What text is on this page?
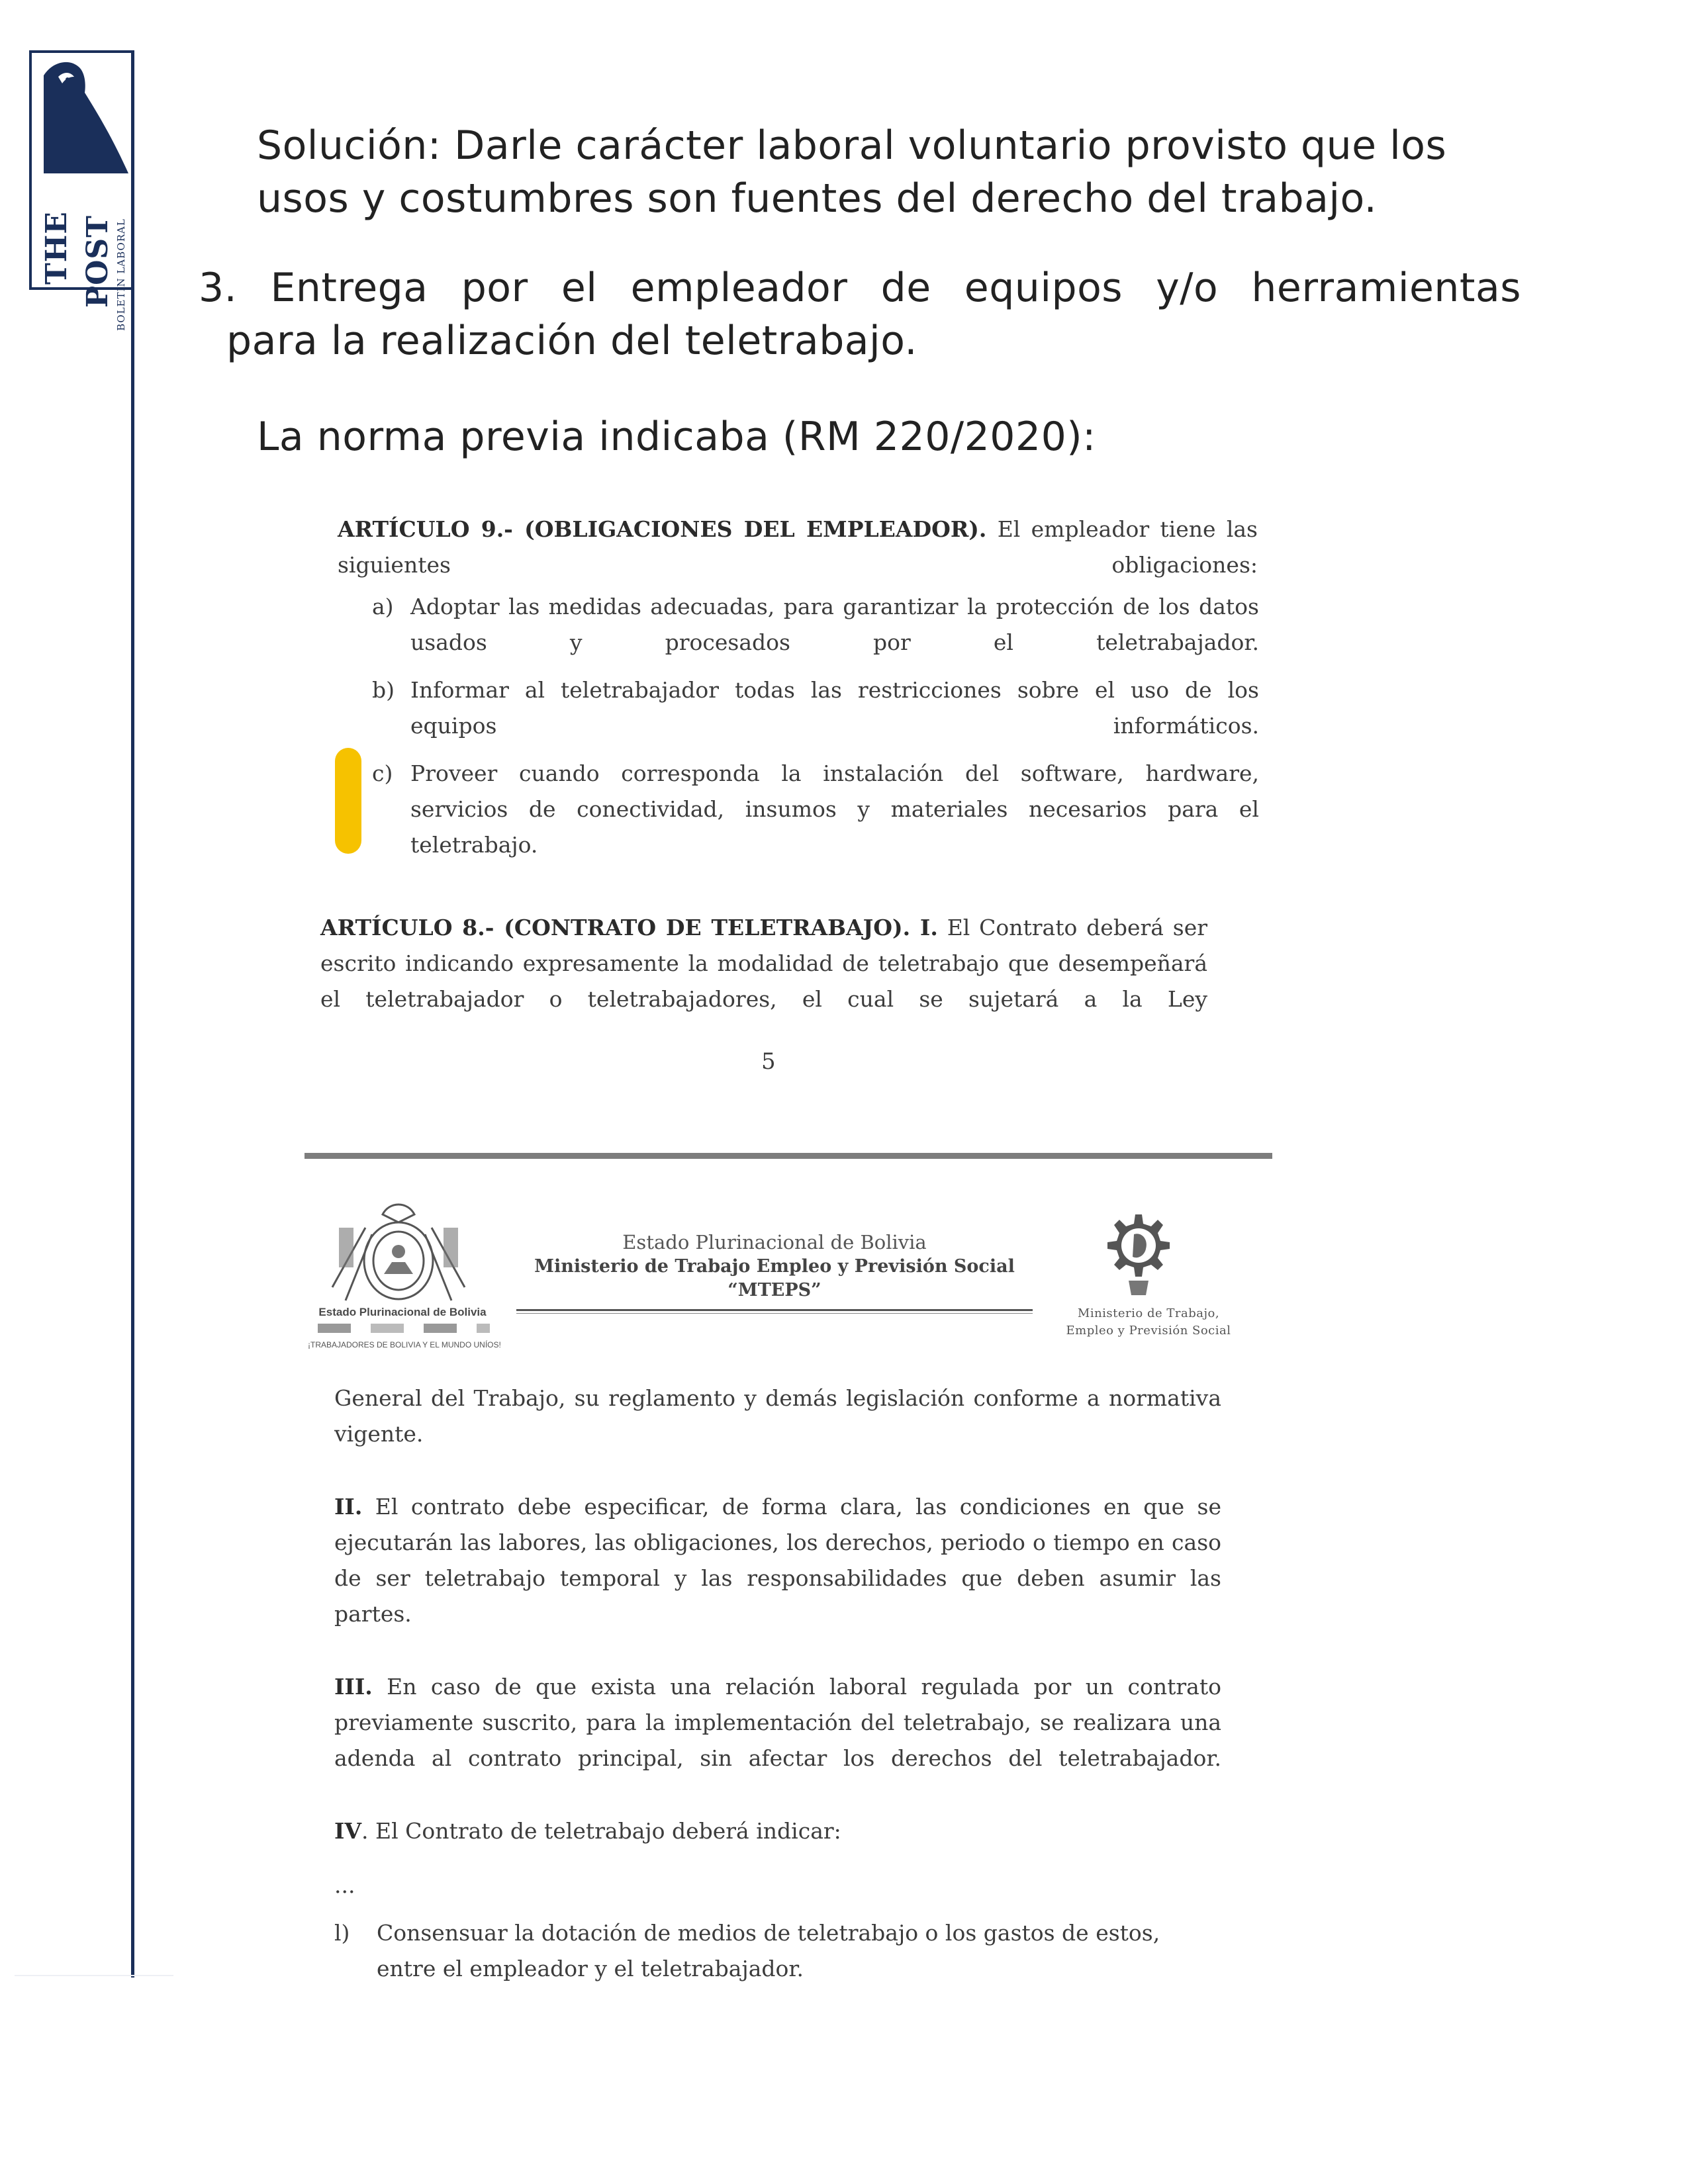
THE POST BOLETÍN LABORAL
Solución: Darle carácter laboral voluntario provisto que los usos y costumbres son fuentes del derecho del trabajo.
3. Entrega por el empleador de equipos y/o herramientas
para la realización del teletrabajo.
La norma previa indicaba (RM 220/2020):
ARTÍCULO 9.- (OBLIGACIONES DEL EMPLEADOR). El empleador tiene las siguientes obligaciones:
a) Adoptar las medidas adecuadas, para garantizar la protección de los datos usados y procesados por el teletrabajador.
b) Informar al teletrabajador todas las restricciones sobre el uso de los equipos informáticos.
c) Proveer cuando corresponda la instalación del software, hardware, servicios de conectividad, insumos y materiales necesarios para el teletrabajo.
ARTÍCULO 8.- (CONTRATO DE TELETRABAJO). I. El Contrato deberá ser escrito indicando expresamente la modalidad de teletrabajo que desempeñará el teletrabajador o teletrabajadores, el cual se sujetará a la Ley
5
Estado Plurinacional de Bolivia
¡TRABAJADORES DE BOLIVIA Y EL MUNDO UNÍOS!
Estado Plurinacional de Bolivia
Ministerio de Trabajo Empleo y Previsión Social “MTEPS”
Ministerio de Trabajo,
Empleo y Previsión Social
General del Trabajo, su reglamento y demás legislación conforme a normativa vigente.
II. El contrato debe especificar, de forma clara, las condiciones en que se ejecutarán las labores, las obligaciones, los derechos, periodo o tiempo en caso de ser teletrabajo temporal y las responsabilidades que deben asumir las partes.
III. En caso de que exista una relación laboral regulada por un contrato previamente suscrito, para la implementación del teletrabajo, se realizara una adenda al contrato principal, sin afectar los derechos del teletrabajador.
IV. El Contrato de teletrabajo deberá indicar:
...
l)	Consensuar la dotación de medios de teletrabajo o los gastos de estos, entre el empleador y el teletrabajador.
